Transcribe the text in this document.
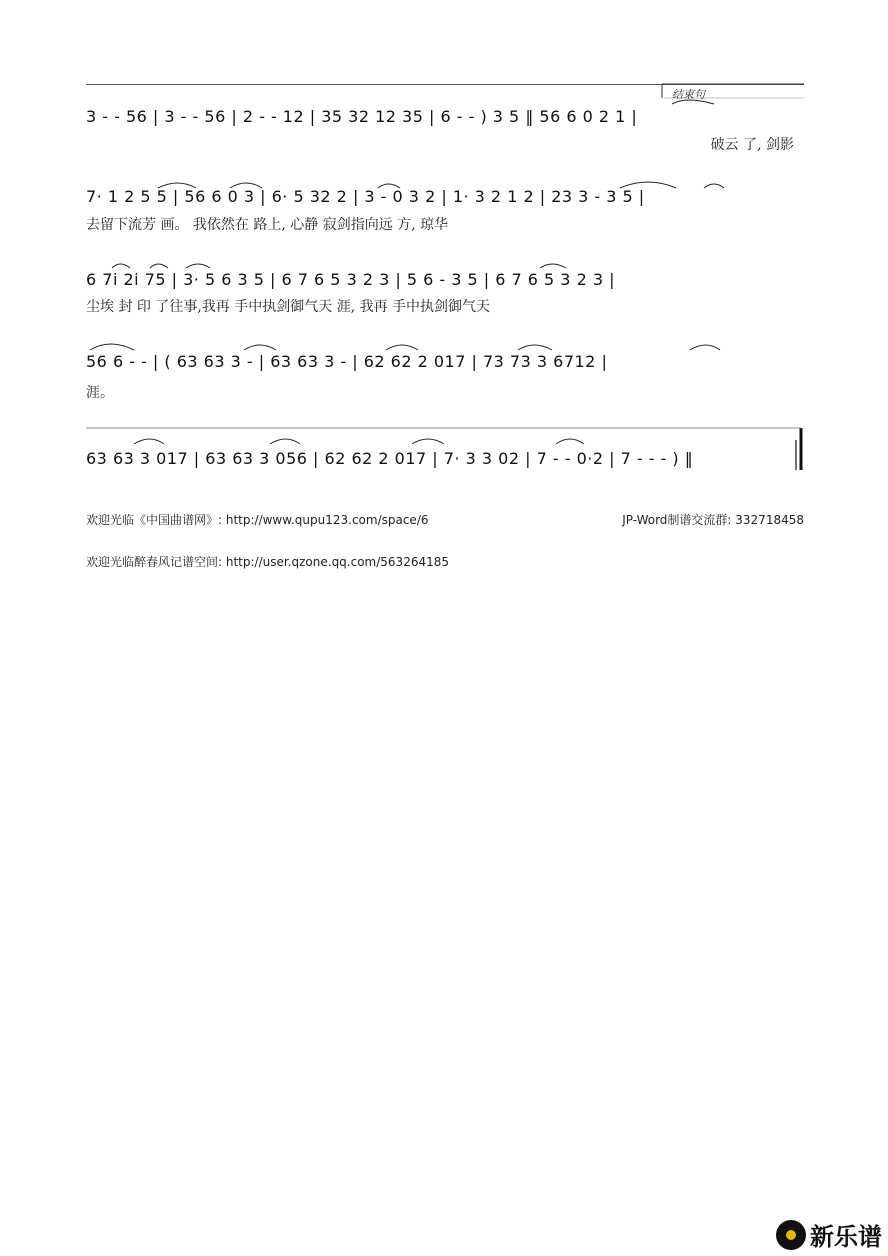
结束句
3 - - 56 | 3 - - 56 | 2 - - 12 | 35 32 12 35 | 6 - - ) 3 5 ‖ 56 6 0 2 1 |
破云 了, 剑影
7· 1 2 5 5 | 56 6 0 3 | 6· 5 32 2 | 3 - 0 3 2 | 1· 3 2 1 2 | 23 3 - 3 5 |
去留下流芳 画。 我依然在 路上, 心静 寂剑指向远 方, 琼华
6 7i 2i 75 | 3· 5 6 3 5 | 6 7 6 5 3 2 3 | 5 6 - 3 5 | 6 7 6 5 3 2 3 |
尘埃 封 印 了往事,我再 手中执剑御气天 涯, 我再 手中执剑御气天
56 6 - - | ( 63 63 3 - | 63 63 3 - | 62 62 2 017 | 73 73 3 6712 |
涯。
63 63 3 017 | 63 63 3 056 | 62 62 2 017 | 7· 3 3 02 | 7 - - 0·2 | 7 - - - ) ‖
欢迎光临《中国曲谱网》: http://www.qupu123.com/space/6	JP-Word制谱交流群: 332718458
欢迎光临醉春风记谱空间: http://user.qzone.qq.com/563264185
新乐谱
